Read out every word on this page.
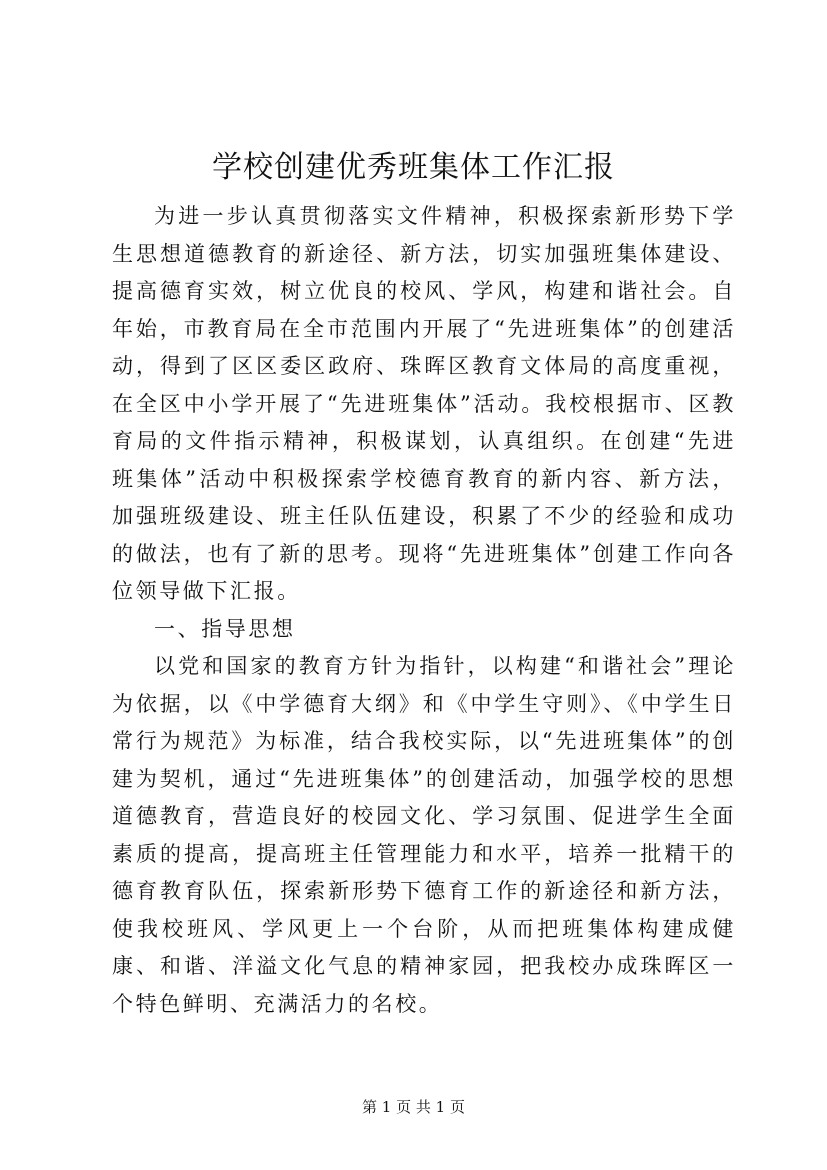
学校创建优秀班集体工作汇报

为进一步认真贯彻落实文件精神，积极探索新形势下学生思想道德教育的新途径、新方法，切实加强班集体建设、提高德育实效，树立优良的校风、学风，构建和谐社会。自年始，市教育局在全市范围内开展了“先进班集体”的创建活动，得到了区区委区政府、珠晖区教育文体局的高度重视，在全区中小学开展了“先进班集体”活动。我校根据市、区教育局的文件指示精神，积极谋划，认真组织。在创建“先进班集体”活动中积极探索学校德育教育的新内容、新方法，加强班级建设、班主任队伍建设，积累了不少的经验和成功的做法，也有了新的思考。现将“先进班集体”创建工作向各位领导做下汇报。

一、指导思想

以党和国家的教育方针为指针，以构建“和谐社会”理论为依据，以《中学德育大纲》和《中学生守则》、《中学生日常行为规范》为标准，结合我校实际，以“先进班集体”的创建为契机，通过“先进班集体”的创建活动，加强学校的思想道德教育，营造良好的校园文化、学习氛围、促进学生全面素质的提高，提高班主任管理能力和水平，培养一批精干的德育教育队伍，探索新形势下德育工作的新途径和新方法，使我校班风、学风更上一个台阶，从而把班集体构建成健康、和谐、洋溢文化气息的精神家园，把我校办成珠晖区一个特色鲜明、充满活力的名校。

第 1 页 共 1 页
